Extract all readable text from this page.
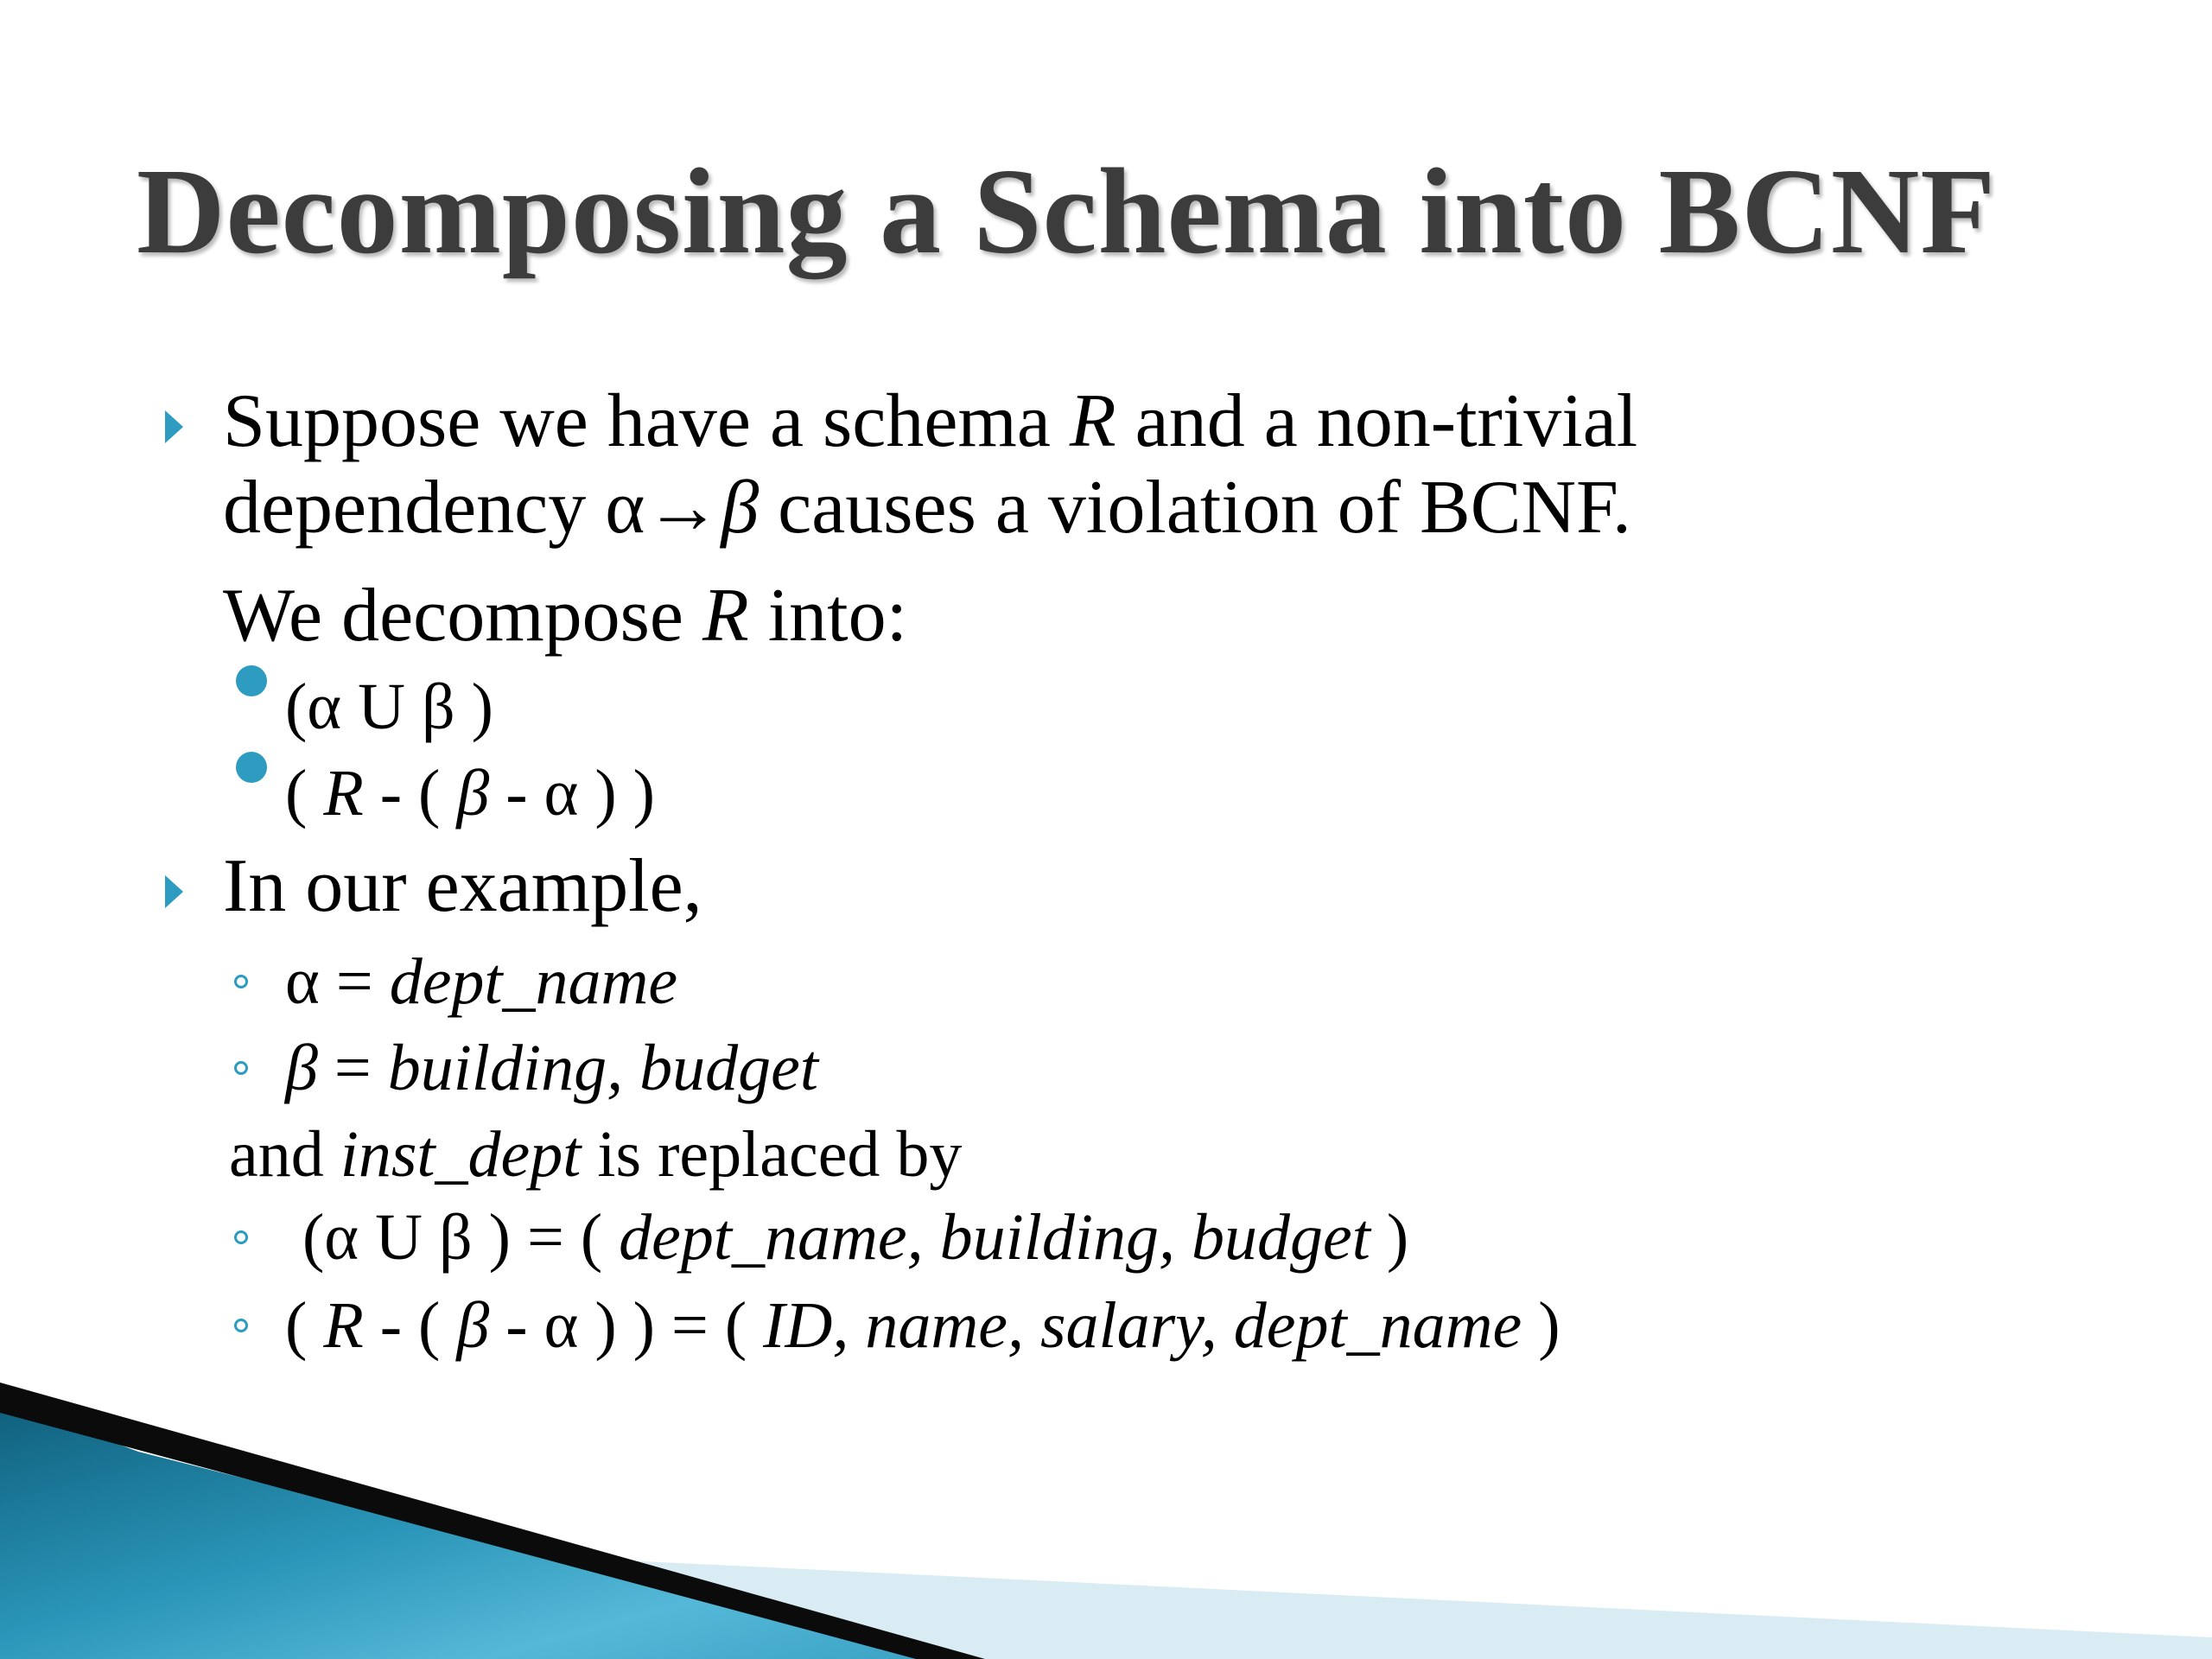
Decomposing a Schema into BCNF

Suppose we have a schema R and a non-trivial

dependency α→β causes a violation of BCNF.

We decompose R into:

(α U β )

( R - ( β - α ) )

In our example,

α = dept_name

β = building, budget

and inst_dept is replaced by

(α U β ) = ( dept_name, building, budget )

( R - ( β - α ) ) = ( ID, name, salary, dept_name )
